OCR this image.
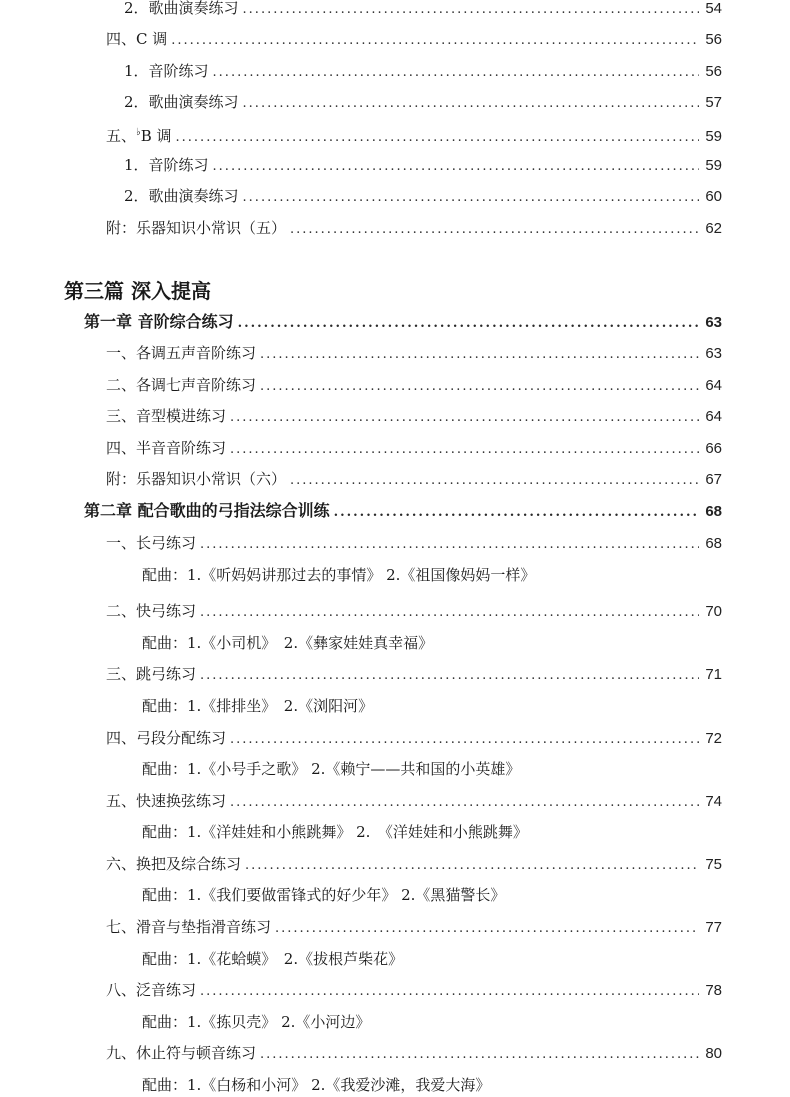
2．歌曲演奏练习 .....	54
四、C 调 .....	56
1．音阶练习 .....	56
2．歌曲演奏练习 .....	57
五、♭B 调 .....	59
1．音阶练习 .....	59
2．歌曲演奏练习 .....	60
附：乐器知识小常识（五） .....	62
第三篇 深入提高
第一章 音阶综合练习 .....	63
一、各调五声音阶练习 .....	63
二、各调七声音阶练习 .....	64
三、音型模进练习 .....	64
四、半音音阶练习 .....	66
附：乐器知识小常识（六） .....	67
第二章 配合歌曲的弓指法综合训练 .....	68
一、长弓练习 .....	68
配曲：1.《听妈妈讲那过去的事情》 2.《祖国像妈妈一样》
二、快弓练习 .....	70
配曲：1.《小司机》　2.《彝家娃娃真幸福》
三、跳弓练习 .....	71
配曲：1.《排排坐》　2.《浏阳河》
四、弓段分配练习 .....	72
配曲：1.《小号手之歌》 2.《赖宁——共和国的小英雄》
五、快速换弦练习 .....	74
配曲：1.《洋娃娃和小熊跳舞》 2.　《洋娃娃和小熊跳舞》
六、换把及综合练习 .....	75
配曲：1.《我们要做雷锋式的好少年》 2.《黑猫警长》
七、滑音与垫指滑音练习 .....	77
配曲：1.《花蛤蟆》　2.《拔根芦柴花》
八、泛音练习 .....	78
配曲：1.《拣贝壳》 2.《小河边》
九、休止符与顿音练习 .....	80
配曲：1.《白杨和小河》 2.《我爱沙滩，我爱大海》
